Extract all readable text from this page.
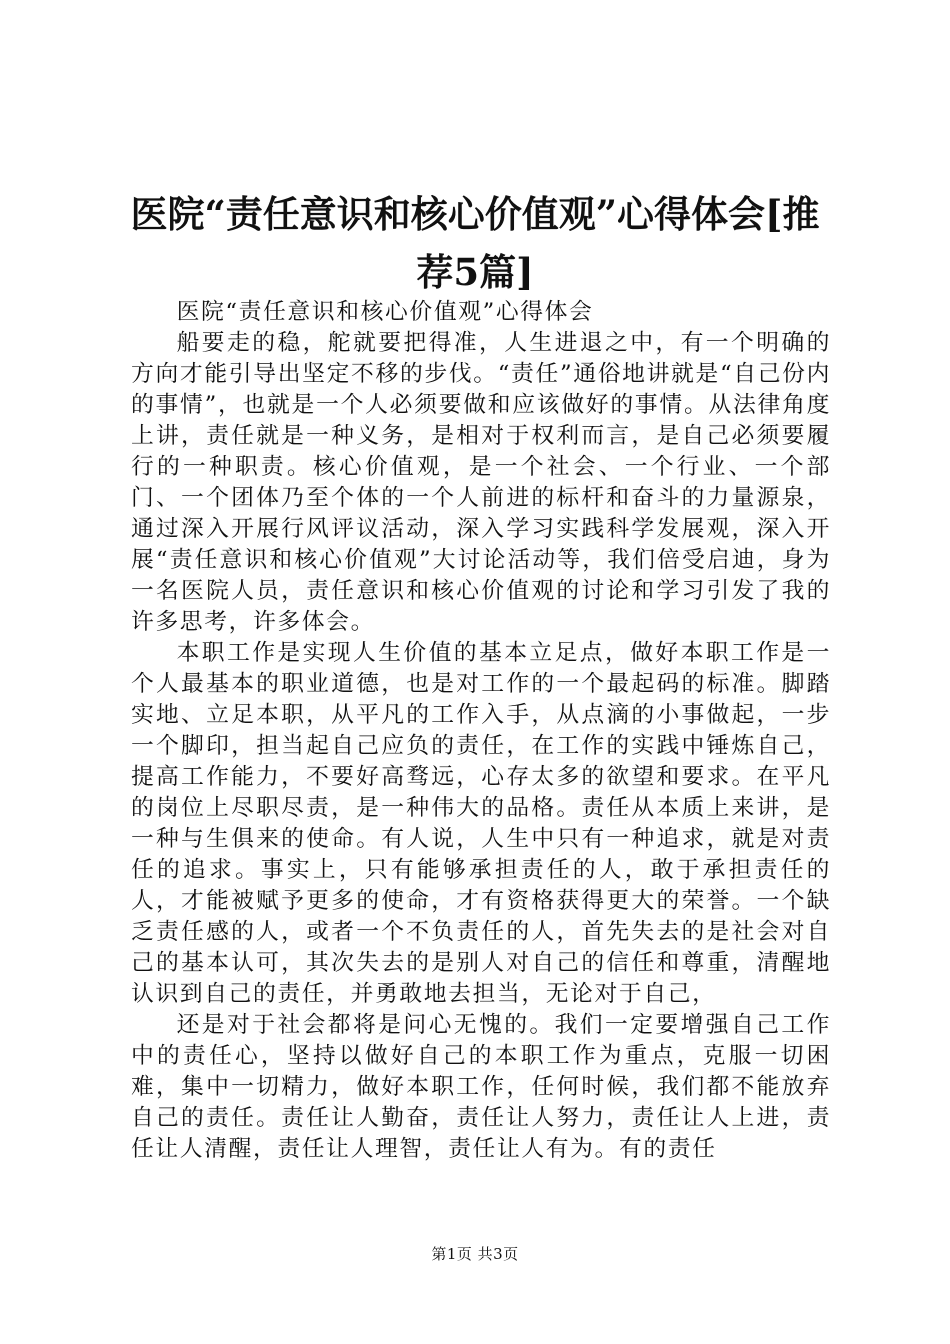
医院“责任意识和核心价值观”心得体会[推
荐5篇]

医院“责任意识和核心价值观”心得体会

船要走的稳，舵就要把得准，人生进退之中，有一个明确的方向才能引导出坚定不移的步伐。“责任”通俗地讲就是“自己份内的事情”，也就是一个人必须要做和应该做好的事情。从法律角度上讲，责任就是一种义务，是相对于权利而言，是自己必须要履行的一种职责。核心价值观，是一个社会、一个行业、一个部门、一个团体乃至个体的一个人前进的标杆和奋斗的力量源泉，通过深入开展行风评议活动，深入学习实践科学发展观，深入开展“责任意识和核心价值观”大讨论活动等，我们倍受启迪，身为一名医院人员，责任意识和核心价值观的讨论和学习引发了我的许多思考，许多体会。

本职工作是实现人生价值的基本立足点，做好本职工作是一个人最基本的职业道德，也是对工作的一个最起码的标准。脚踏实地、立足本职，从平凡的工作入手，从点滴的小事做起，一步一个脚印，担当起自己应负的责任，在工作的实践中锤炼自己，提高工作能力，不要好高骛远，心存太多的欲望和要求。在平凡的岗位上尽职尽责，是一种伟大的品格。责任从本质上来讲，是一种与生俱来的使命。有人说，人生中只有一种追求，就是对责任的追求。事实上，只有能够承担责任的人，敢于承担责任的人，才能被赋予更多的使命，才有资格获得更大的荣誉。一个缺乏责任感的人，或者一个不负责任的人，首先失去的是社会对自己的基本认可，其次失去的是别人对自己的信任和尊重，清醒地认识到自己的责任，并勇敢地去担当，无论对于自己，

还是对于社会都将是问心无愧的。我们一定要增强自己工作中的责任心，坚持以做好自己的本职工作为重点，克服一切困难，集中一切精力，做好本职工作，任何时候，我们都不能放弃自己的责任。责任让人勤奋，责任让人努力，责任让人上进，责任让人清醒，责任让人理智，责任让人有为。有的责任

第1页 共3页
